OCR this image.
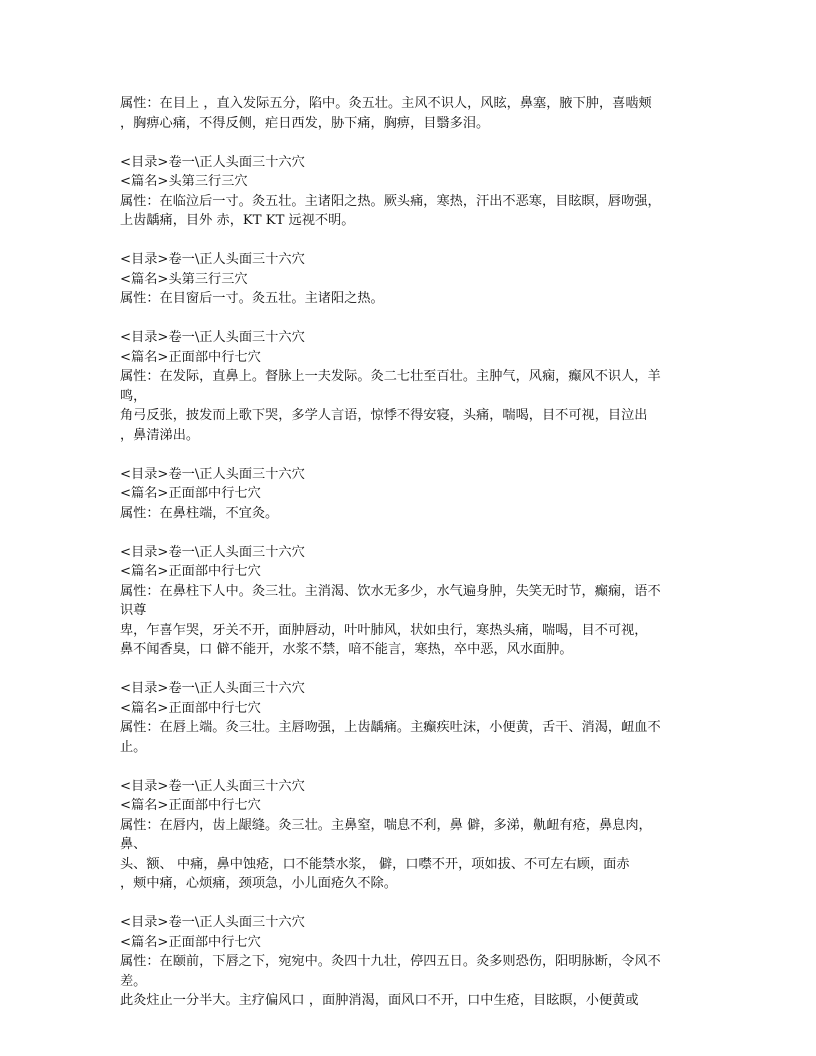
属性：在目上 ，直入发际五分，陷中。灸五壮。主风不识人，风眩，鼻塞，腋下肿，喜啮颊
，胸痹心痛，不得反侧，疟日西发，胁下痛，胸痹，目翳多泪。
<目录>卷一\正人头面三十六穴
<篇名>头第三行三穴
属性：在临泣后一寸。灸五壮。主诸阳之热。厥头痛，寒热，汗出不恶寒，目眩瞑，唇吻强，
上齿龋痛，目外 赤，KT KT 远视不明。
<目录>卷一\正人头面三十六穴
<篇名>头第三行三穴
属性：在目窗后一寸。灸五壮。主诸阳之热。
<目录>卷一\正人头面三十六穴
<篇名>正面部中行七穴
属性：在发际，直鼻上。督脉上一夫发际。灸二七壮至百壮。主肿气，风痫，癫风不识人，羊
鸣，
角弓反张，披发而上歌下哭，多学人言语，惊悸不得安寝，头痛，喘喝，目不可视，目泣出
，鼻清涕出。
<目录>卷一\正人头面三十六穴
<篇名>正面部中行七穴
属性：在鼻柱端，不宜灸。
<目录>卷一\正人头面三十六穴
<篇名>正面部中行七穴
属性：在鼻柱下人中。灸三壮。主消渴、饮水无多少，水气遍身肿，失笑无时节，癫痫，语不
识尊
卑，乍喜乍哭，牙关不开，面肿唇动，叶叶肺风，状如虫行，寒热头痛，喘喝，目不可视，
鼻不闻香臭，口 僻不能开，水浆不禁，喑不能言，寒热，卒中恶，风水面肿。
<目录>卷一\正人头面三十六穴
<篇名>正面部中行七穴
属性：在唇上端。灸三壮。主唇吻强，上齿龋痛。主癫疾吐沫，小便黄，舌干、消渴，衄血不
止。
<目录>卷一\正人头面三十六穴
<篇名>正面部中行七穴
属性：在唇内，齿上龈缝。灸三壮。主鼻窒，喘息不利，鼻 僻，多涕，鼽衄有疮，鼻息肉，
鼻、
头、额、 中痛，鼻中蚀疮，口不能禁水浆， 僻，口噤不开，项如拔、不可左右顾，面赤
，颊中痛，心烦痛，颈项急，小儿面疮久不除。
<目录>卷一\正人头面三十六穴
<篇名>正面部中行七穴
属性：在颐前，下唇之下，宛宛中。灸四十九壮，停四五日。灸多则恐伤，阳明脉断，令风不
差。
此灸炷止一分半大。主疗偏风口 ，面肿消渴，面风口不开，口中生疮，目眩瞑，小便黄或
